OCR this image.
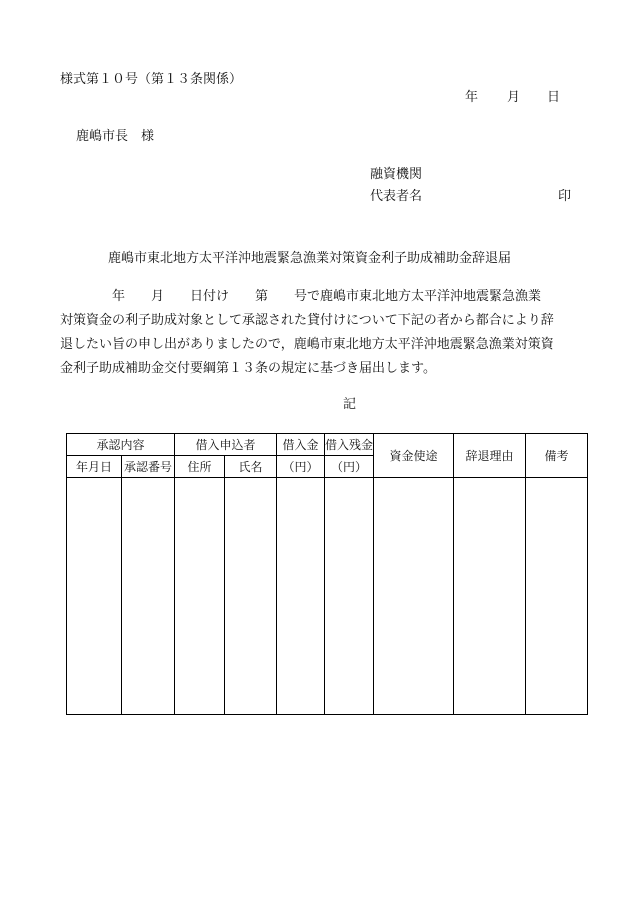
様式第１０号（第１３条関係）
年 月 日
鹿嶋市長　様
融資機関
代表者名	印
鹿嶋市東北地方太平洋沖地震緊急漁業対策資金利子助成補助金辞退届
　　　　年　　月　　日付け　　第　　号で鹿嶋市東北地方太平洋沖地震緊急漁業
対策資金の利子助成対象として承認された貸付けについて下記の者から都合により辞
退したい旨の申し出がありましたので，鹿嶋市東北地方太平洋沖地震緊急漁業対策資
金利子助成補助金交付要綱第１３条の規定に基づき届出します。
記
承認内容		借入申込者		借入金	借入残金	資金使途	辞退理由	備考
年月日	承認番号	住所	氏名	（円）	（円）			
